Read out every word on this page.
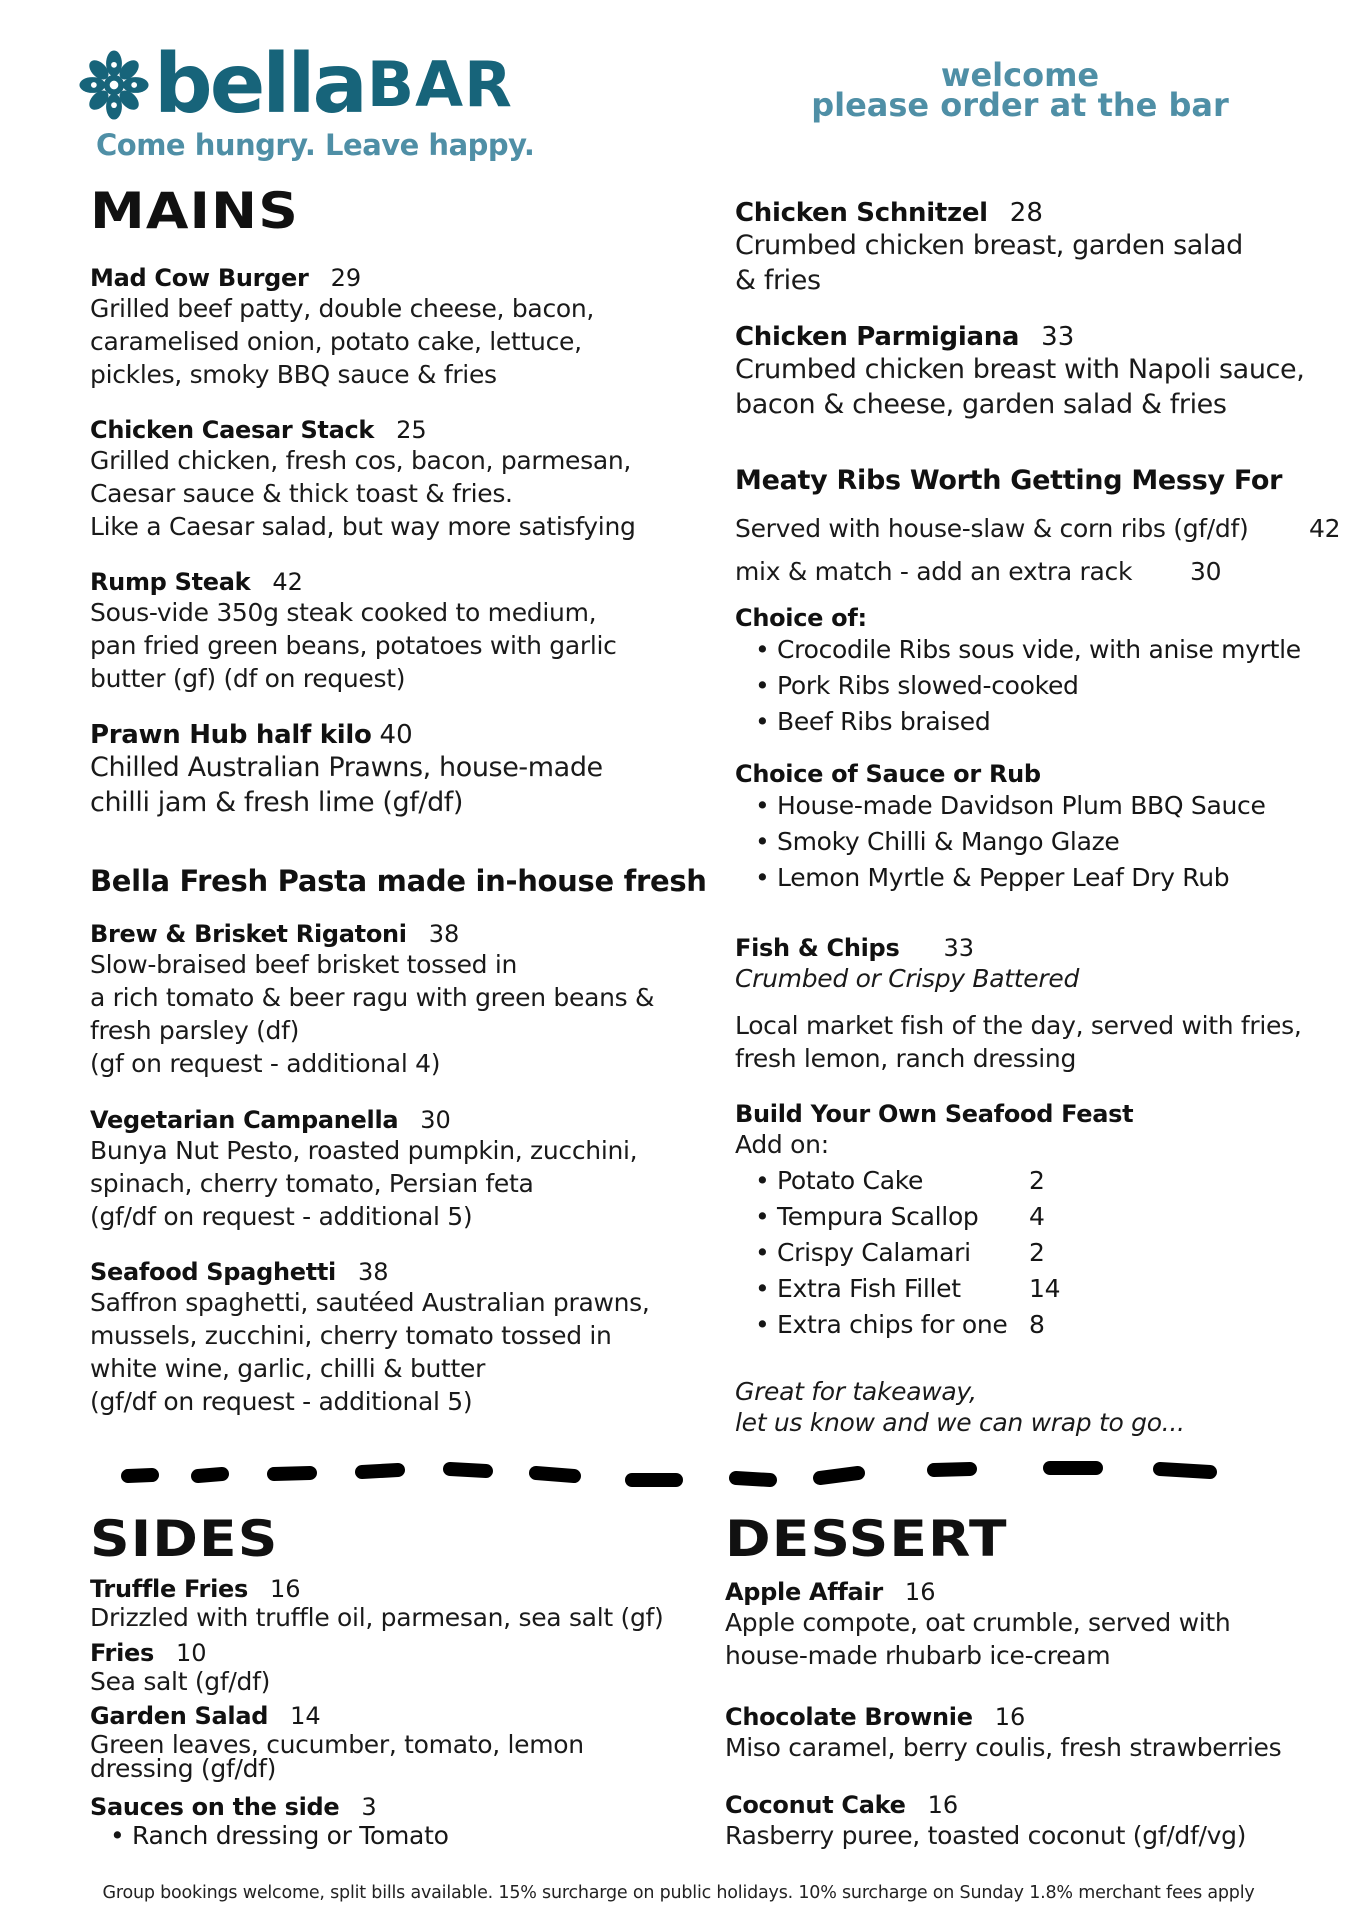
bella BAR
Come hungry. Leave happy.
welcome
please order at the bar
MAINS
Mad Cow Burger 29
Grilled beef patty, double cheese, bacon,
caramelised onion, potato cake, lettuce,
pickles, smoky BBQ sauce & fries
Chicken Caesar Stack 25
Grilled chicken, fresh cos, bacon, parmesan,
Caesar sauce & thick toast & fries.
Like a Caesar salad, but way more satisfying
Rump Steak 42
Sous-vide 350g steak cooked to medium,
pan fried green beans, potatoes with garlic
butter (gf) (df on request)
Prawn Hub half kilo 40
Chilled Australian Prawns, house-made
chilli jam & fresh lime (gf/df)
Bella Fresh Pasta made in-house fresh
Brew & Brisket Rigatoni 38
Slow-braised beef brisket tossed in
a rich tomato & beer ragu with green beans &
fresh parsley (df)
(gf on request - additional 4)
Vegetarian Campanella 30
Bunya Nut Pesto, roasted pumpkin, zucchini,
spinach, cherry tomato, Persian feta
(gf/df on request - additional 5)
Seafood Spaghetti 38
Saffron spaghetti, sautéed Australian prawns,
mussels, zucchini, cherry tomato tossed in
white wine, garlic, chilli & butter
(gf/df on request - additional 5)
Chicken Schnitzel 28
Crumbed chicken breast, garden salad
& fries
Chicken Parmigiana 33
Crumbed chicken breast with Napoli sauce,
bacon & cheese, garden salad & fries
Meaty Ribs Worth Getting Messy For
Served with house-slaw & corn ribs (gf/df) 42
mix & match - add an extra rack 30
Choice of:
• Crocodile Ribs sous vide, with anise myrtle
• Pork Ribs slowed-cooked
• Beef Ribs braised
Choice of Sauce or Rub
• House-made Davidson Plum BBQ Sauce
• Smoky Chilli & Mango Glaze
• Lemon Myrtle & Pepper Leaf Dry Rub
Fish & Chips 33
Crumbed or Crispy Battered
Local market fish of the day, served with fries,
fresh lemon, ranch dressing
Build Your Own Seafood Feast
Add on:
• Potato Cake	2
• Tempura Scallop	4
• Crispy Calamari	2
• Extra Fish Fillet	14
• Extra chips for one 8
Great for takeaway,
let us know and we can wrap to go...
SIDES
Truffle Fries 16
Drizzled with truffle oil, parmesan, sea salt (gf)
Fries 10
Sea salt (gf/df)
Garden Salad 14
Green leaves, cucumber, tomato, lemon
dressing (gf/df)
Sauces on the side 3
• Ranch dressing or Tomato
DESSERT
Apple Affair 16
Apple compote, oat crumble, served with
house-made rhubarb ice-cream
Chocolate Brownie 16
Miso caramel, berry coulis, fresh strawberries
Coconut Cake 16
Rasberry puree, toasted coconut (gf/df/vg)
Group bookings welcome, split bills available. 15% surcharge on public holidays. 10% surcharge on Sunday 1.8% merchant fees apply
